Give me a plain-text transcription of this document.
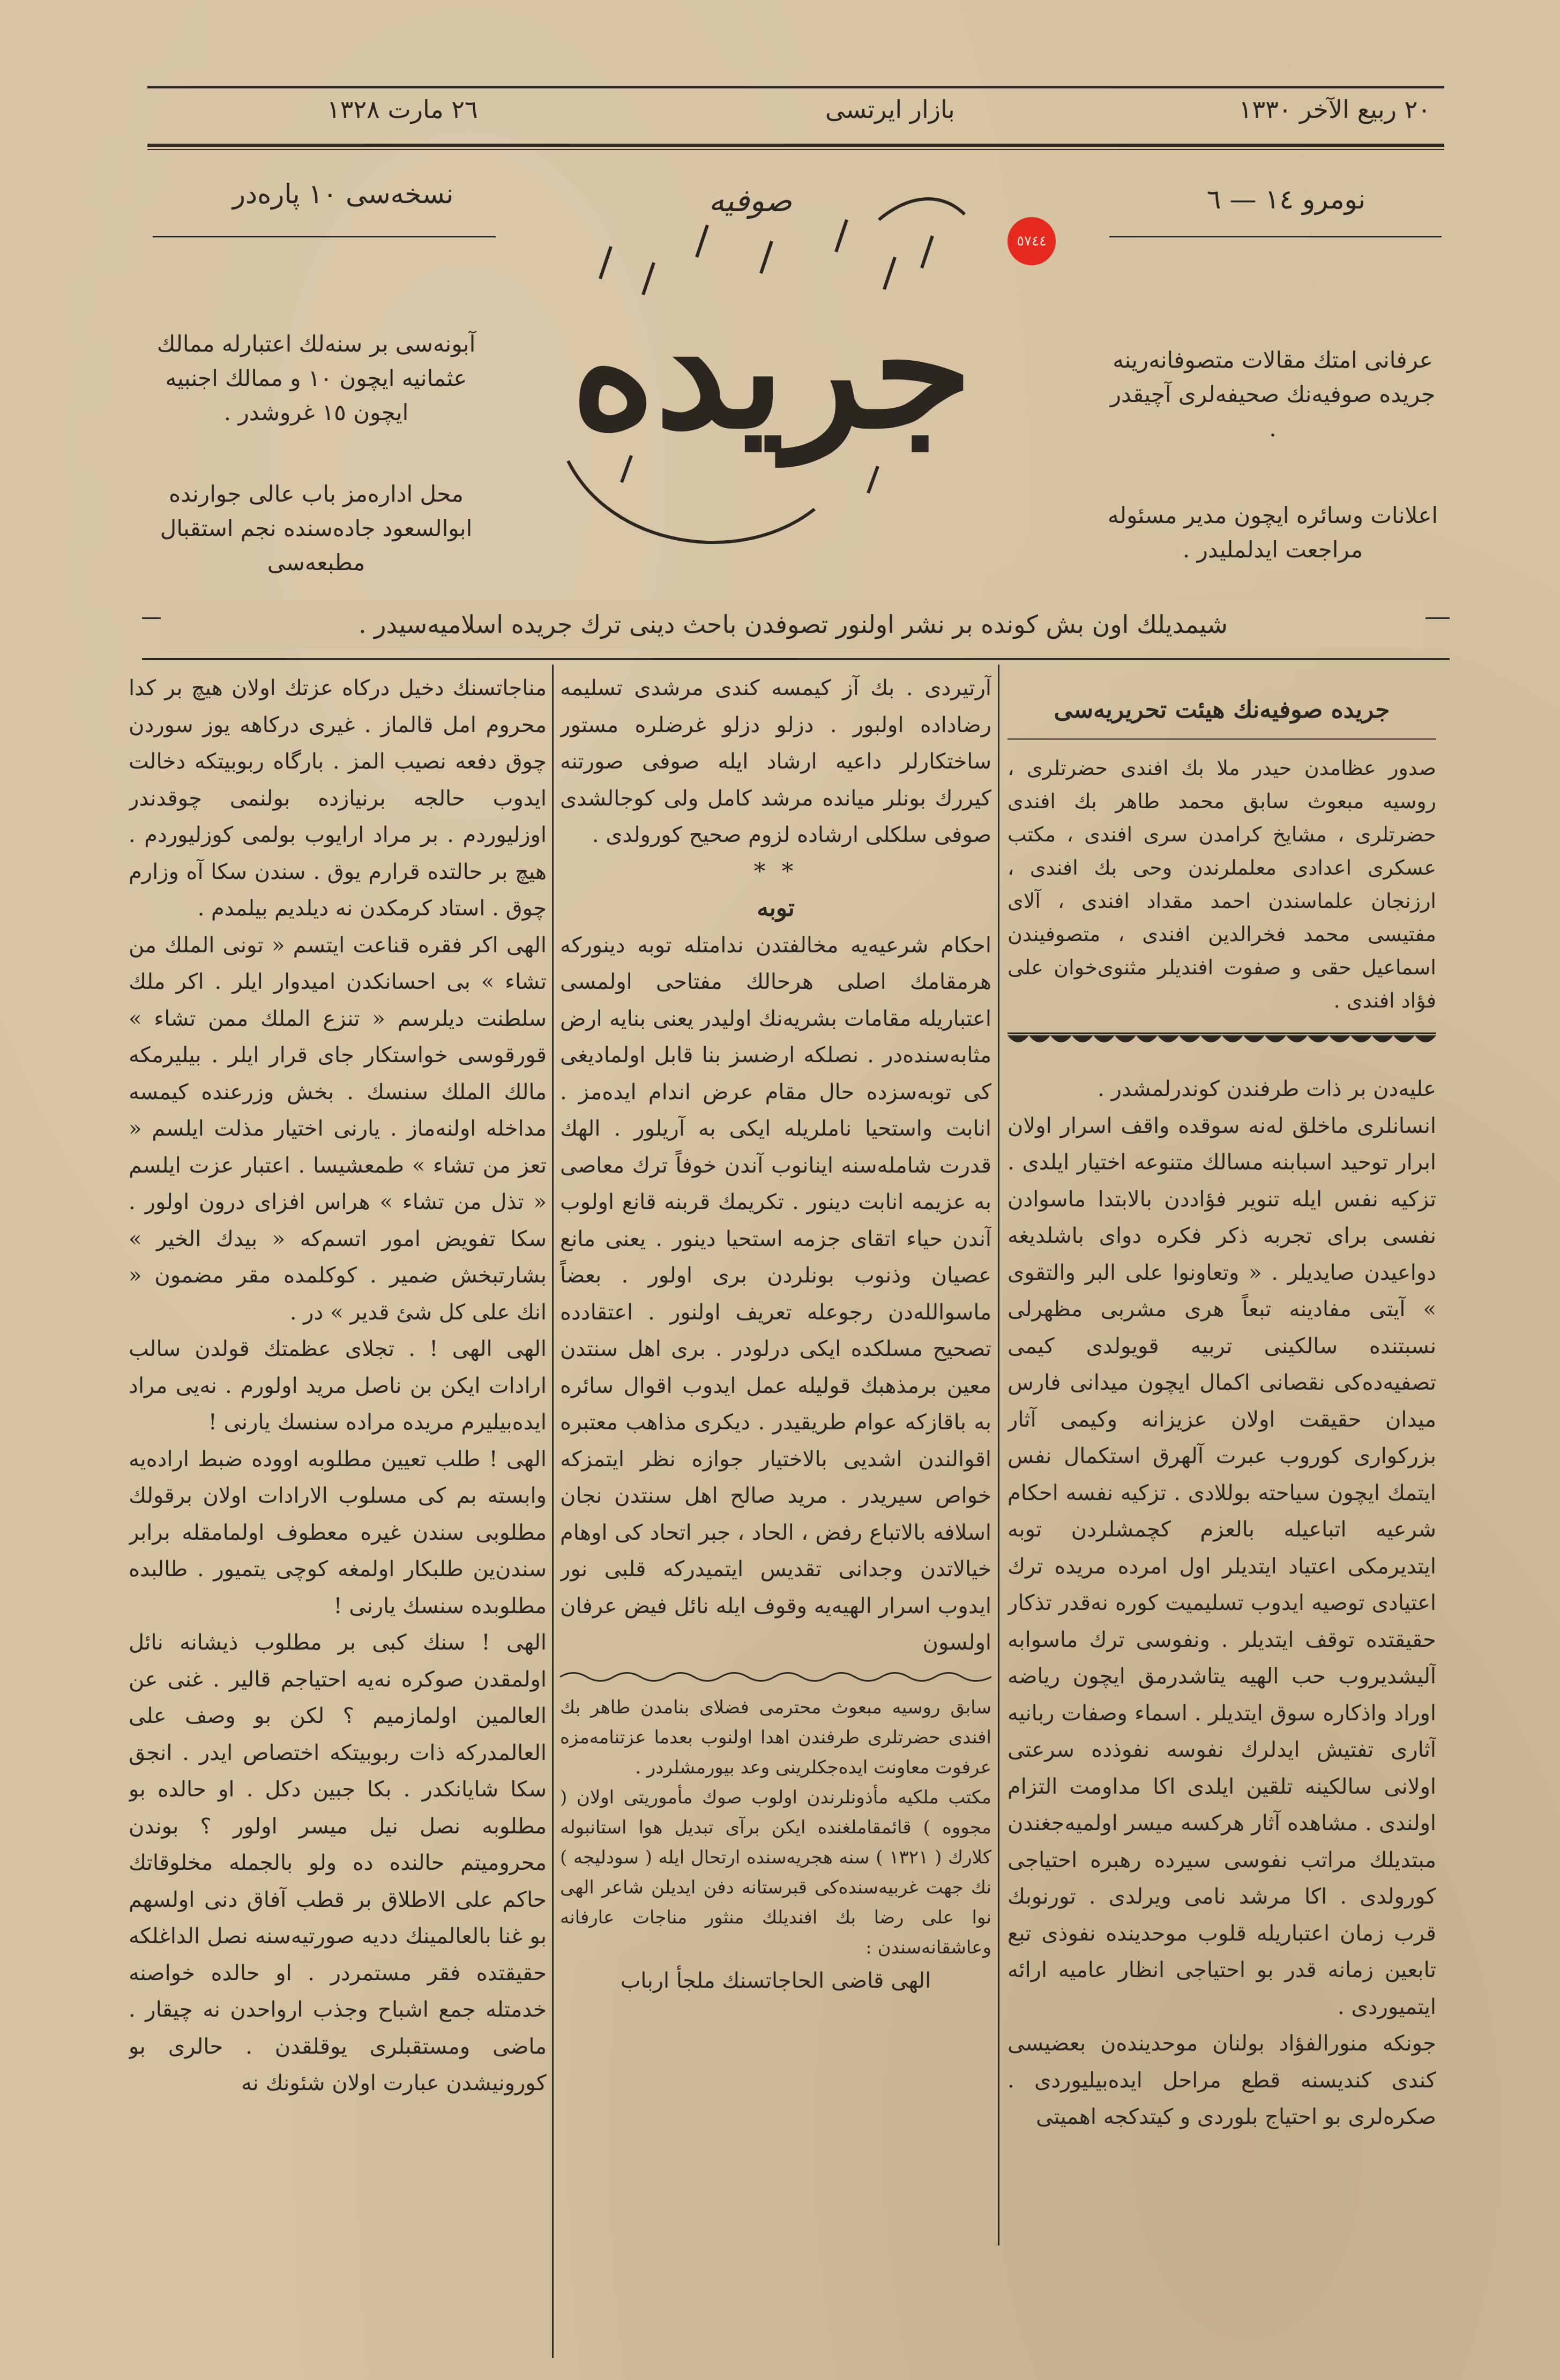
٢٠ ربيع الآخر ١٣٣٠
بازار ايرتسى
٢٦ مارت ١٣٢٨
نومرو ١٤ — ٦
نسخه‌سى ١٠ پاره‌در
عرفانى امتك مقالات متصوفانه‌رينه جريده صوفيه‌نك صحيفه‌لرى آچيقدر .
اعلانات وسائره ايچون مدير مسئوله مراجعت ايدلمليدر .
آبونه‌سى بر سنه‌لك اعتبارله ممالك عثمانيه ايچون ١٠ و ممالك اجنبيه ايچون ١٥ غروشدر .
محل اداره‌مز باب عالى جوارنده ابوالسعود جاده‌سنده نجم استقبال مطبعه‌سى
صوفيه
جريده
٥٧٤٤
شيمديلك اون بش كونده بر نشر اولنور تصوفدن باحث دينى ترك جريده اسلاميه‌سيدر .

جريده صوفيه‌نك هيئت تحريريه‌سى

صدور عظامدن حيدر ملا بك افندى حضرتلرى ، روسيه مبعوث سابق محمد طاهر بك افندى حضرتلرى ، مشايخ كرامدن سرى افندى ، مكتب عسكرى اعدادى معلملرندن وحى بك افندى ، ارزنجان علماسندن احمد مقداد افندى ، آلاى مفتيسى محمد فخرالدين افندى ، متصوفيندن اسماعيل حقى و صفوت افنديلر مثنوى‌خوان على فؤاد افندى .

عليه‌دن بر ذات طرفندن كوندرلمشدر .

انسانلرى ماخلق له‌نه سوقده واقف اسرار اولان ابرار توحيد اسبابنه مسالك متنوعه اختيار ايلدى . تزكيه نفس ايله تنوير فؤاددن بالابتدا ماسوادن نفسى براى تجربه ذكر فكره دواى باشلديغه دواعيدن صايديلر . « وتعاونوا على البر والتقوى » آيتى مفادينه تبعاً هرى مشربى مظهرلى نسبتنده سالكينى تربيه قويولدى كيمى تصفيه‌ده‌كى نقصانى اكمال ايچون ميدانى فارس ميدان حقيقت اولان عزيزانه وكيمى آثار بزركوارى كوروب عبرت آلهرق استكمال نفس ايتمك ايچون سياحته بوللادى . تزكيه نفسه احكام شرعيه اتباعيله بالعزم كچمشلردن توبه ايتديرمكى اعتياد ايتديلر اول امرده مريده ترك اعتيادى توصيه ايدوب تسليميت كوره نه‌قدر تذكار حقيقتده توقف ايتديلر . ونفوسى ترك ماسوابه آليشديروب حب الهيه يتاشدرمق ايچون رياضه اوراد واذكاره سوق ايتديلر . اسماء وصفات ربانيه آثارى تفتيش ايدلرك نفوسه نفوذده سرعتى اولانى سالكينه تلقين ايلدى اكا مداومت التزام اولندى . مشاهده آثار هركسه ميسر اولميه‌جغندن مبتديلك مراتب نفوسى سيرده رهبره احتياجى كورولدى . اكا مرشد نامى ويرلدى . تورنوبك قرب زمان اعتباريله قلوب موحدينده نفوذى تبع تابعين زمانه قدر بو احتياجى انظار عاميه ارائه ايتميوردى .

جونكه منورالفؤاد بولنان موحدينده‌ن بعضيسى كندى كنديسنه قطع مراحل ايده‌بيليوردى . صكره‌لرى بو احتياج بلوردى و كيتدكجه اهميتى

آرتيردى . بك آز كيمسه كندى مرشدى تسليمه رضاداده اولبور . دزلو دزلو غرضلره مستور ساختكارلر داعيه ارشاد ايله صوفى صورتنه كيررك بونلر ميانده مرشد كامل ولى كوجالشدى صوفى سلكلى ارشاده لزوم صحيح كورولدى .

* *

توبه

احكام شرعيه‌يه مخالفتدن ندامتله توبه دينوركه هرمقامك اصلى هرحالك مفتاحى اولمسى اعتباريله مقامات بشريه‌نك اوليدر يعنى بنايه ارض مثابه‌سنده‌در . نصلكه ارضسز بنا قابل اولماديغى كى توبه‌سزده حال مقام عرض اندام ايده‌مز . انابت واستحيا ناملريله ايكى به آريلور . الهك قدرت شامله‌سنه اينانوب آندن خوفاً ترك معاصى به عزيمه انابت دينور . تكريمك قربنه قانع اولوب آندن حياء اتقاى جزمه استحيا دينور . يعنى مانع عصيان وذنوب بونلردن برى اولور . بعضاً ماسوالله‌دن رجوعله تعريف اولنور . اعتقادده تصحيح مسلكده ايكى درلودر . برى اهل سنتدن معين برمذهبك قوليله عمل ايدوب اقوال سائره به باقازكه عوام طريقيدر . ديكرى مذاهب معتبره اقوالندن اشديى بالاختيار جوازه نظر ايتمزكه خواص سيريدر . مريد صالح اهل سنتدن نجان اسلافه بالاتباع رفض ، الحاد ، جبر اتحاد كى اوهام خيالاتدن وجدانى تقديس ايتميدركه قلبى نور ايدوب اسرار الهيه‌يه وقوف ايله نائل فيض عرفان اولسون

سابق روسيه مبعوث محترمى فضلاى بنامدن طاهر بك افندى حضرتلرى طرفندن اهدا اولنوب بعدما عزتنامه‌مزه عرفوت معاونت ايده‌جكلرينى وعد بيورمشلردر .

مكتب ملكيه مأذونلرندن اولوب صوك مأموريتى اولان ( مجووه ) قائمقاملغنده ايكن برآى تبديل هوا استانبوله كلارك ( ١٣٢١ ) سنه هجريه‌سنده ارتحال ايله ( سودليجه ) نك جهت غربيه‌سنده‌كى قبرستانه دفن ايديلن شاعر الهى نوا على رضا بك افنديلك منثور مناجات عارفانه وعاشقانه‌سندن :

الهى قاضى الحاجاتسنك ملجأ ارباب

مناجاتسنك دخيل دركاه عزتك اولان هيچ بر كدا محروم امل قالماز . غيرى دركاهه يوز سوردن چوق دفعه نصيب المز . بارگاه ربوبيتكه دخالت ايدوب حالجه برنيازده بولنمى چوقدندر اوزليوردم . بر مراد ارايوب بولمى كوزليوردم . هيچ بر حالتده قرارم يوق . سندن سكا آه وزارم چوق . استاد كرمكدن نه ديلديم بيلمدم .

الهى اكر فقره قناعت ايتسم « تونى الملك من تشاء » بى احسانكدن اميدوار ايلر . اكر ملك سلطنت ديلرسم « تنزع الملك ممن تشاء » قورقوسى خواستكار جاى قرار ايلر . بيليرمكه مالك الملك سنسك . بخش وزرعنده كيمسه مداخله اولنه‌ماز . يارنى اختيار مذلت ايلسم « تعز من تشاء » طمعشيسا . اعتبار عزت ايلسم « تذل من تشاء » هراس افزاى درون اولور . سكا تفويض امور اتسم‌كه « بيدك الخير » بشارتبخش ضمير . كوكلمده مقر مضمون « انك على كل شئ قدير » در .

الهى الهى ! . تجلاى عظمتك قولدن سالب ارادات ايكن بن ناصل مريد اولورم . نه‌يى مراد ايده‌بيليرم مريده مراده سنسك يارنى !

الهى ! طلب تعيين مطلوبه اووده ضبط اراده‌يه وابسته بم كى مسلوب الارادات اولان برقولك مطلوبى سندن غيره معطوف اولمامقله برابر سندن‌ين طلبكار اولمغه كوچى يتميور . طالبده مطلوبده سنسك يارنى !

الهى ! سنك كبى بر مطلوب ذيشانه نائل اولمقدن صوكره نه‌يه احتياجم قالير . غنى عن العالمين اولمازميم ؟ لكن بو وصف على العالمدركه ذات ربوبيتكه اختصاص ايدر . انجق سكا شايانكدر . بكا جبين دكل . او حالده بو مطلوبه نصل نيل ميسر اولور ؟ بوندن محروميتم حالنده ده ولو بالجمله مخلوقاتك حاكم على الاطلاق بر قطب آفاق دنى اولسهم بو غنا بالعالمينك دديه صورتيه‌سنه نصل الداغلكه حقيقتده فقر مستمردر . او حالده خواصنه خدمتله جمع اشباح وجذب ارواحدن نه چيقار . ماضى ومستقبلرى يوقلقدن . حالرى بو كورونيشدن عبارت اولان شئونك نه
